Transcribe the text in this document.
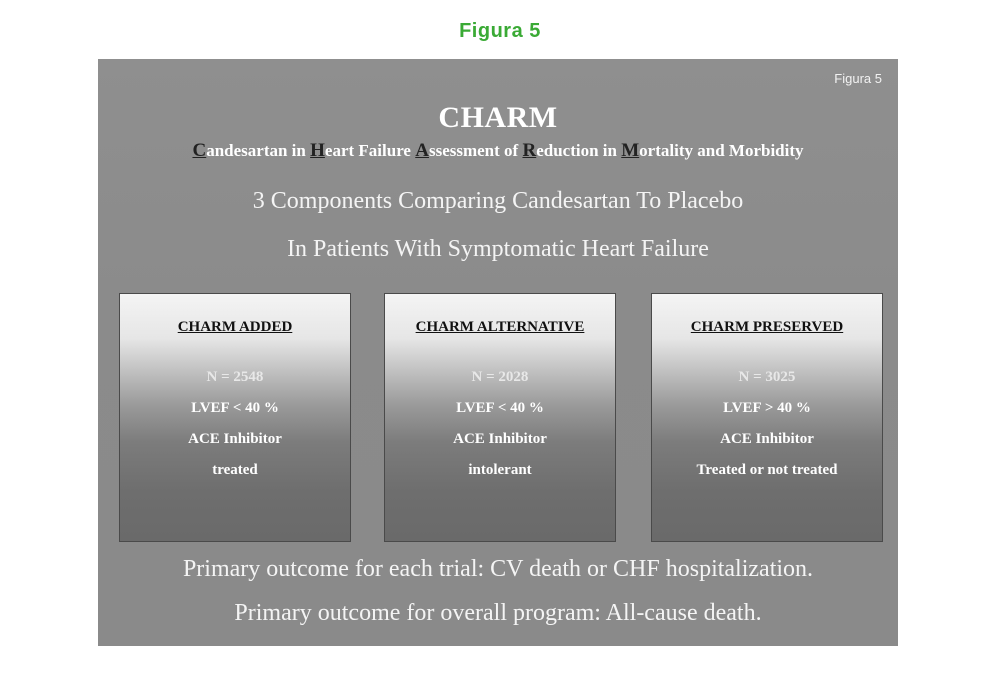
Figura 5
Figura 5
CHARM
Candesartan in Heart Failure Assessment of Reduction in Mortality and Morbidity
3 Components Comparing Candesartan To Placebo
In Patients With Symptomatic Heart Failure
CHARM ADDED
N = 2548
LVEF < 40 %
ACE Inhibitor
treated
CHARM ALTERNATIVE
N = 2028
LVEF < 40 %
ACE Inhibitor
intolerant
CHARM PRESERVED
N = 3025
LVEF > 40 %
ACE Inhibitor
Treated or not treated
Primary outcome for each trial: CV death or CHF hospitalization.
Primary outcome for overall program: All-cause death.
